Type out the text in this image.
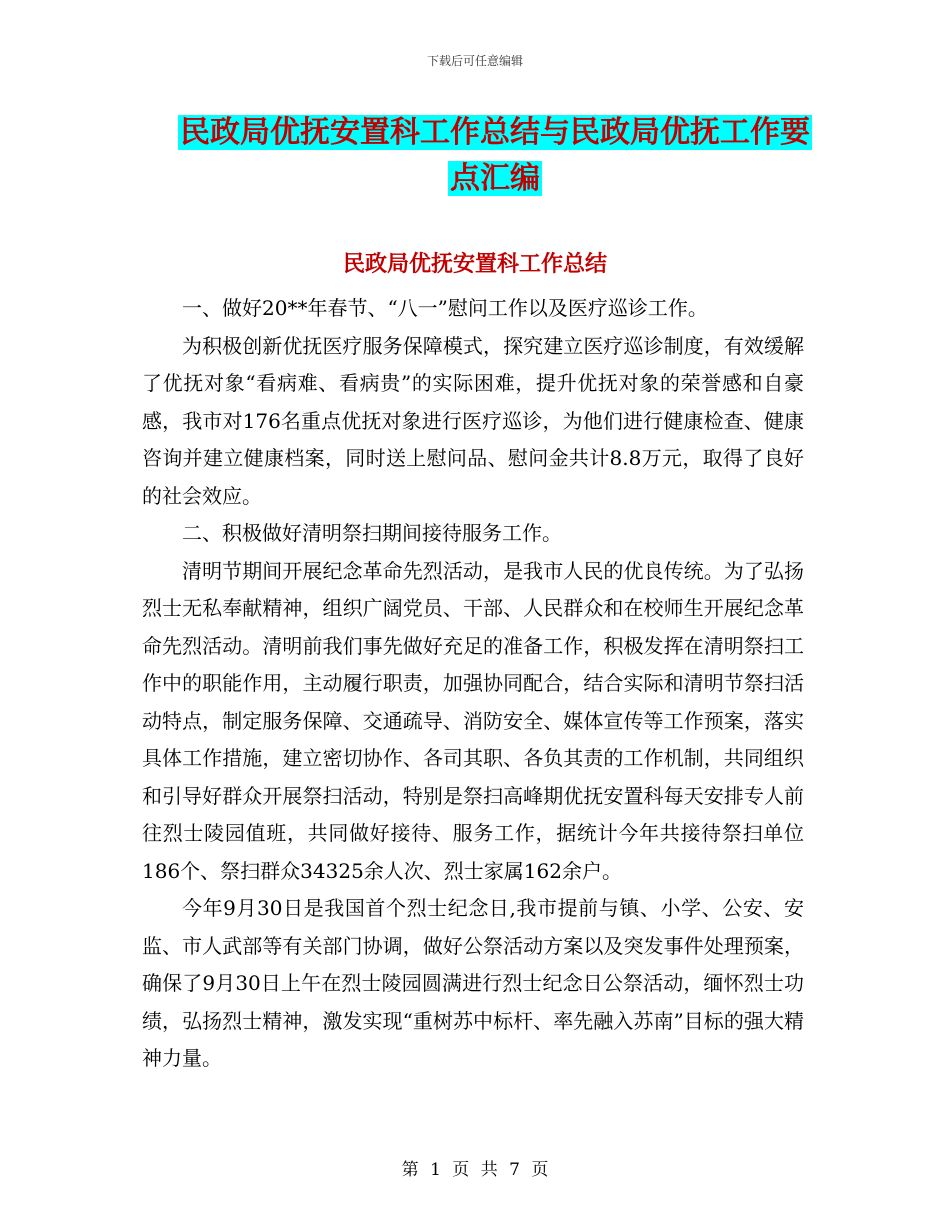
下载后可任意编辑
民政局优抚安置科工作总结与民政局优抚工作要点汇编
民政局优抚安置科工作总结

一、做好20**年春节、“八一”慰问工作以及医疗巡诊工作。

为积极创新优抚医疗服务保障模式，探究建立医疗巡诊制度，有效缓解了优抚对象“看病难、看病贵”的实际困难，提升优抚对象的荣誉感和自豪感，我市对176名重点优抚对象进行医疗巡诊，为他们进行健康检查、健康咨询并建立健康档案，同时送上慰问品、慰问金共计8.8万元，取得了良好的社会效应。

二、积极做好清明祭扫期间接待服务工作。

清明节期间开展纪念革命先烈活动，是我市人民的优良传统。为了弘扬烈士无私奉献精神，组织广阔党员、干部、人民群众和在校师生开展纪念革命先烈活动。清明前我们事先做好充足的准备工作，积极发挥在清明祭扫工作中的职能作用，主动履行职责，加强协同配合，结合实际和清明节祭扫活动特点，制定服务保障、交通疏导、消防安全、媒体宣传等工作预案，落实具体工作措施，建立密切协作、各司其职、各负其责的工作机制，共同组织和引导好群众开展祭扫活动，特别是祭扫高峰期优抚安置科每天安排专人前往烈士陵园值班，共同做好接待、服务工作，据统计今年共接待祭扫单位186个、祭扫群众34325余人次、烈士家属162余户。

今年9月30日是我国首个烈士纪念日,我市提前与镇、小学、公安、安监、市人武部等有关部门协调，做好公祭活动方案以及突发事件处理预案，确保了9月30日上午在烈士陵园圆满进行烈士纪念日公祭活动，缅怀烈士功绩，弘扬烈士精神，激发实现“重树苏中标杆、率先融入苏南”目标的强大精神力量。

第 1 页 共 7 页
